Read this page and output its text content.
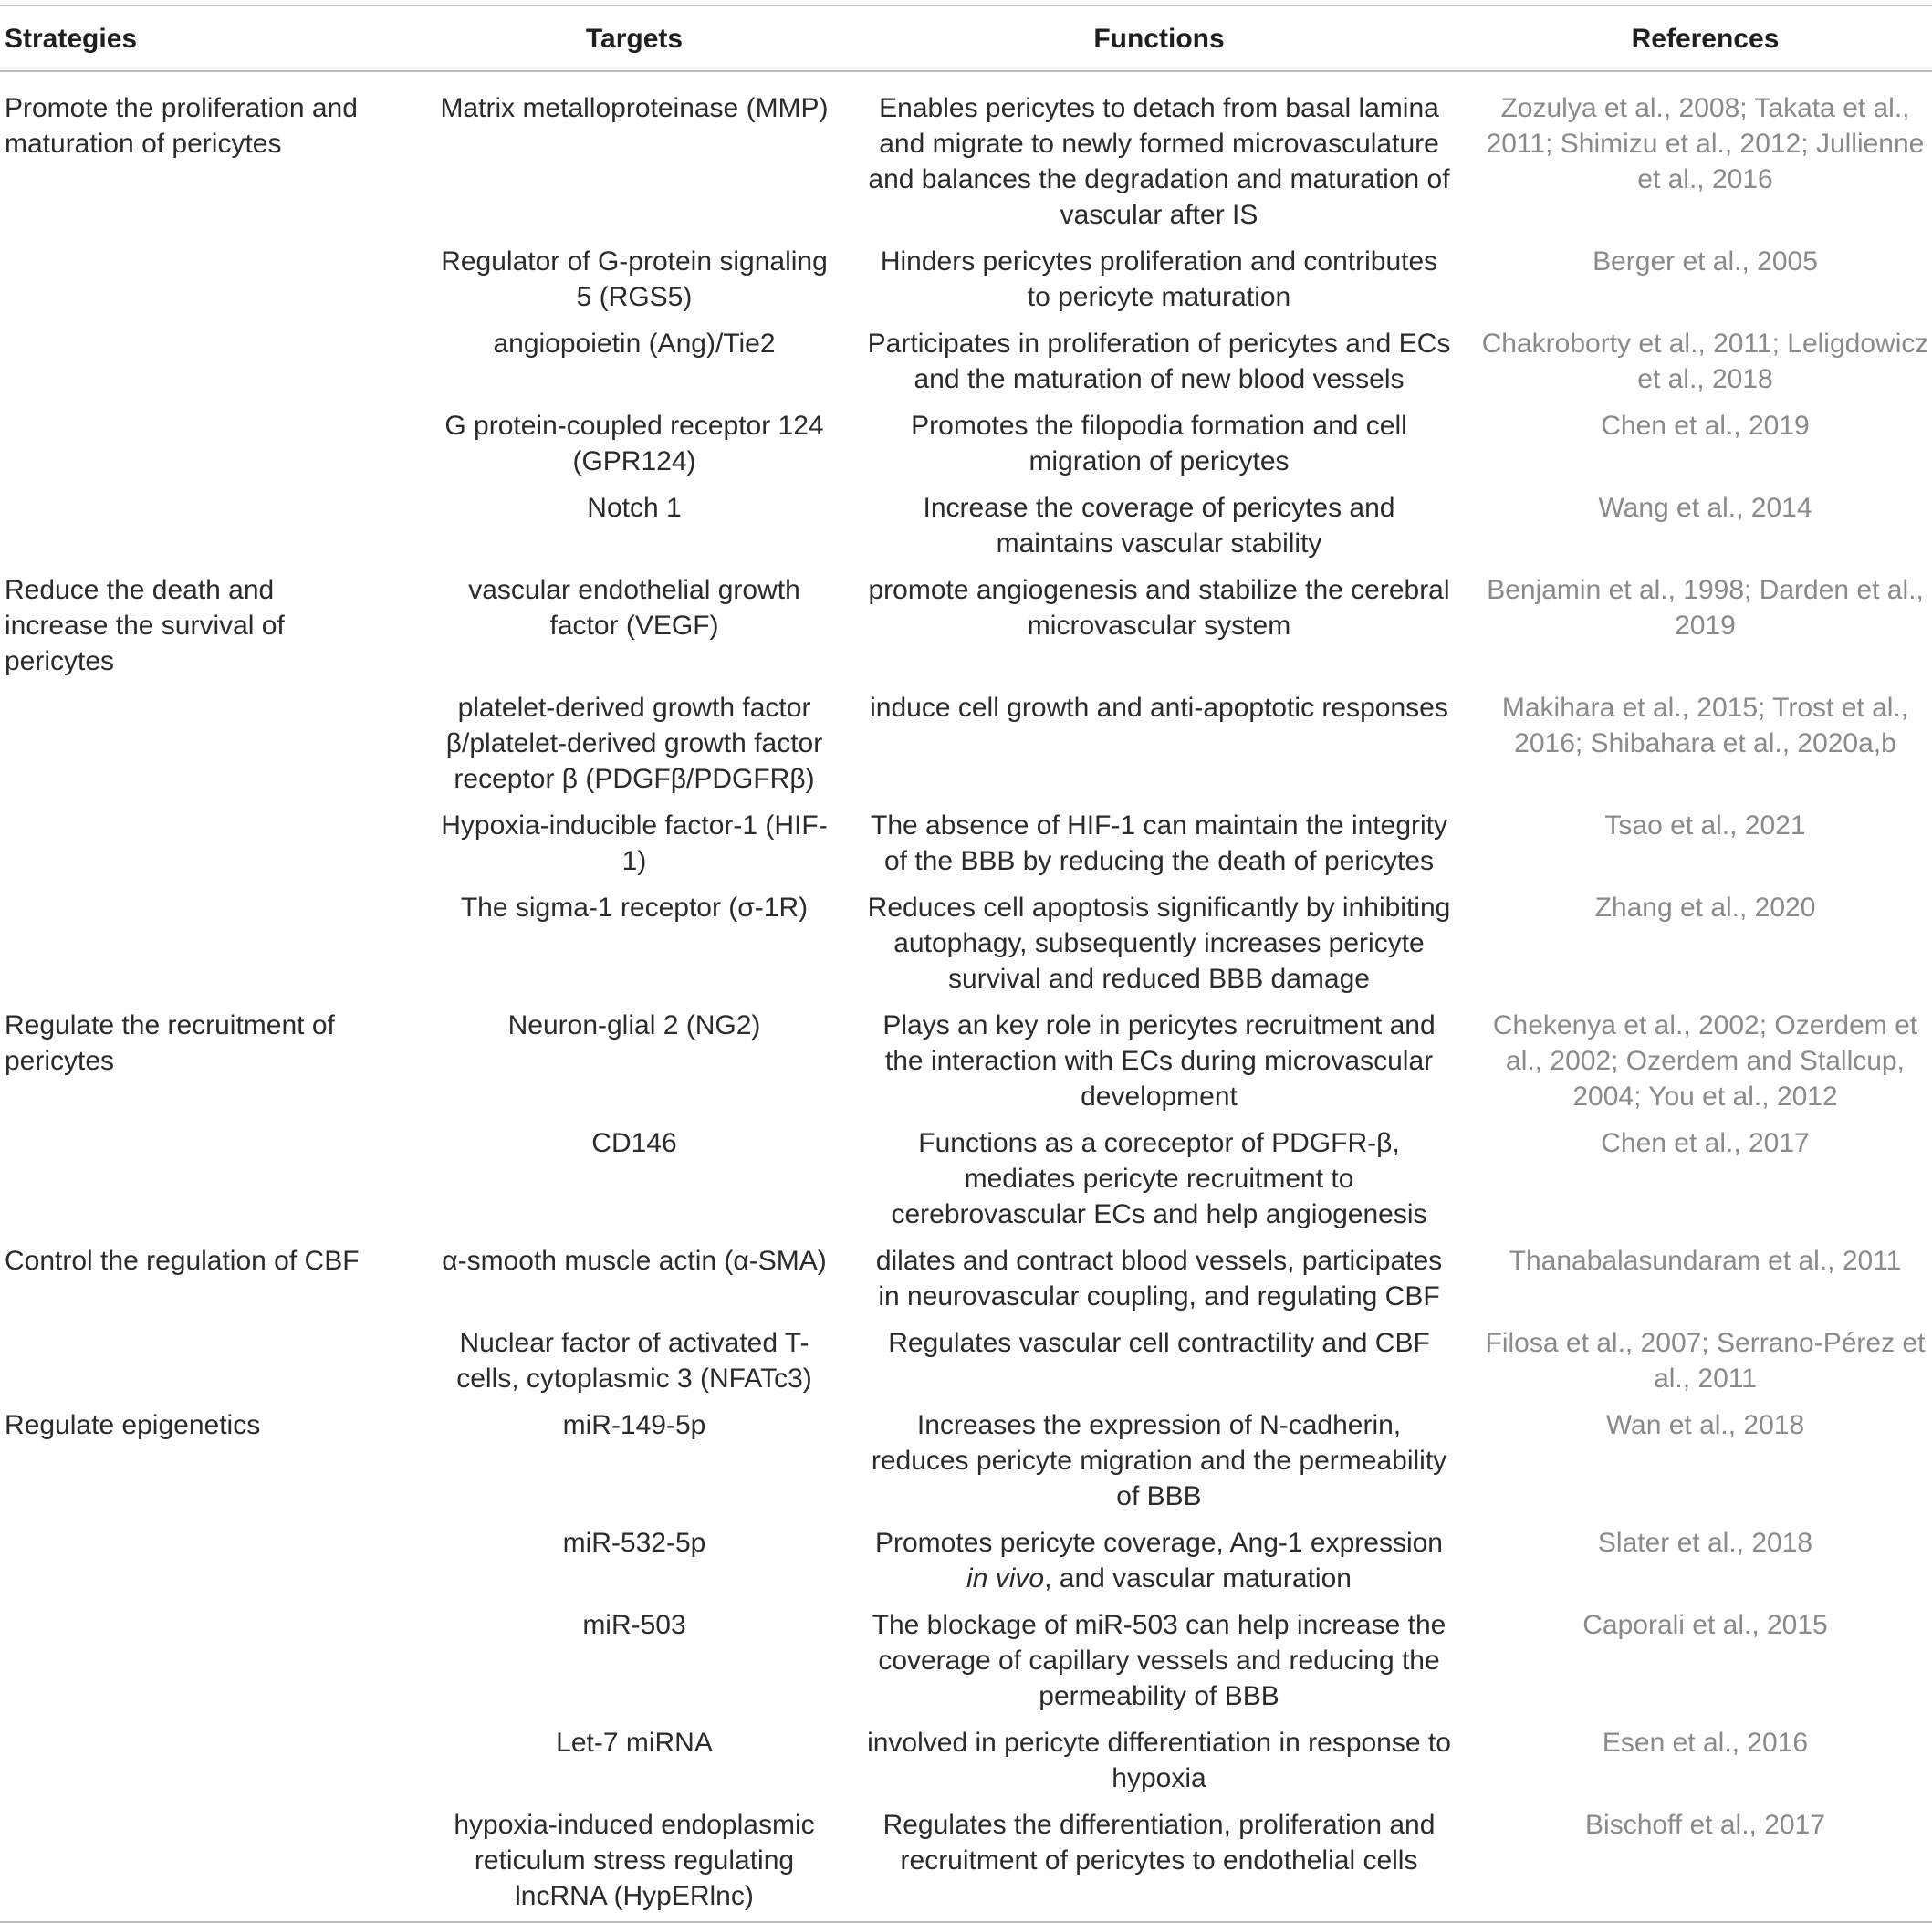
Strategies	Targets	Functions	References
Promote the proliferation and maturation of pericytes	Matrix metalloproteinase (MMP)	Enables pericytes to detach from basal lamina and migrate to newly formed microvasculature and balances the degradation and maturation of vascular after IS	Zozulya et al., 2008; Takata et al., 2011; Shimizu et al., 2012; Jullienne et al., 2016
	Regulator of G-protein signaling 5 (RGS5)	Hinders pericytes proliferation and contributes to pericyte maturation	Berger et al., 2005
	angiopoietin (Ang)/Tie2	Participates in proliferation of pericytes and ECs and the maturation of new blood vessels	Chakroborty et al., 2011; Leligdowicz et al., 2018
	G protein-coupled receptor 124 (GPR124)	Promotes the filopodia formation and cell migration of pericytes	Chen et al., 2019
	Notch 1	Increase the coverage of pericytes and maintains vascular stability	Wang et al., 2014
Reduce the death and increase the survival of pericytes	vascular endothelial growth factor (VEGF)	promote angiogenesis and stabilize the cerebral microvascular system	Benjamin et al., 1998; Darden et al., 2019
	platelet-derived growth factor β/platelet-derived growth factor receptor β (PDGFβ/PDGFRβ)	induce cell growth and anti-apoptotic responses	Makihara et al., 2015; Trost et al., 2016; Shibahara et al., 2020a,b
	Hypoxia-inducible factor-1 (HIF-1)	The absence of HIF-1 can maintain the integrity of the BBB by reducing the death of pericytes	Tsao et al., 2021
	The sigma-1 receptor (σ-1R)	Reduces cell apoptosis significantly by inhibiting autophagy, subsequently increases pericyte survival and reduced BBB damage	Zhang et al., 2020
Regulate the recruitment of pericytes	Neuron-glial 2 (NG2)	Plays an key role in pericytes recruitment and the interaction with ECs during microvascular development	Chekenya et al., 2002; Ozerdem et al., 2002; Ozerdem and Stallcup, 2004; You et al., 2012
	CD146	Functions as a coreceptor of PDGFR-β, mediates pericyte recruitment to cerebrovascular ECs and help angiogenesis	Chen et al., 2017
Control the regulation of CBF	α-smooth muscle actin (α-SMA)	dilates and contract blood vessels, participates in neurovascular coupling, and regulating CBF	Thanabalasundaram et al., 2011
	Nuclear factor of activated T-cells, cytoplasmic 3 (NFATc3)	Regulates vascular cell contractility and CBF	Filosa et al., 2007; Serrano-Pérez et al., 2011
Regulate epigenetics	miR-149-5p	Increases the expression of N-cadherin, reduces pericyte migration and the permeability of BBB	Wan et al., 2018
	miR-532-5p	Promotes pericyte coverage, Ang-1 expression in vivo, and vascular maturation	Slater et al., 2018
	miR-503	The blockage of miR-503 can help increase the coverage of capillary vessels and reducing the permeability of BBB	Caporali et al., 2015
	Let-7 miRNA	involved in pericyte differentiation in response to hypoxia	Esen et al., 2016
	hypoxia-induced endoplasmic reticulum stress regulating lncRNA (HypERlnc)	Regulates the differentiation, proliferation and recruitment of pericytes to endothelial cells	Bischoff et al., 2017
